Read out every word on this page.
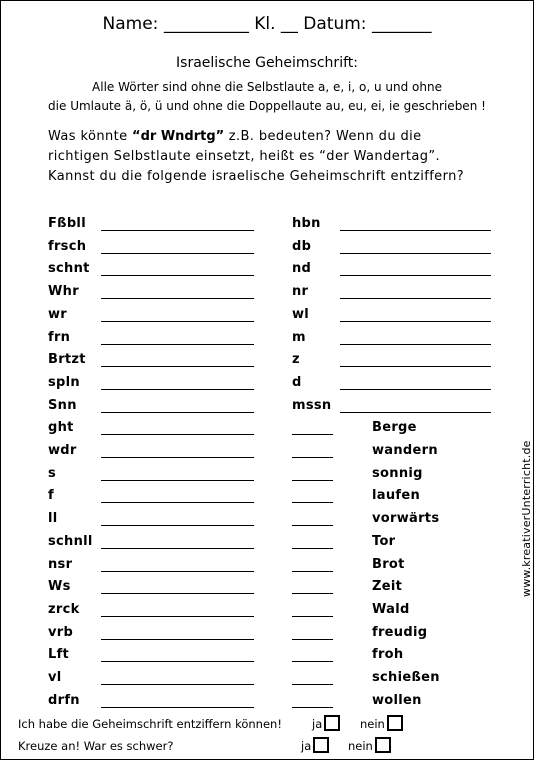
Name: __________ Kl. __ Datum: _______
Israelische Geheimschrift:
Alle Wörter sind ohne die Selbstlaute a, e, i, o, u und ohne
die Umlaute ä, ö, ü und ohne die Doppellaute au, eu, ei, ie geschrieben !
Was könnte “dr Wndrtg” z.B. bedeuten? Wenn du die
richtigen Selbstlaute einsetzt, heißt es “der Wandertag”.
Kannst du die folgende israelische Geheimschrift entziffern?
Fßbll	hbn
frsch	db
schnt	nd
Whr	nr
wr	wl
frn	m
Brtzt	z
spln	d
Snn	mssn
ght	Berge
wdr	wandern
s	sonnig
f	laufen
ll	vorwärts
schnll	Tor
nsr	Brot
Ws	Zeit
zrck	Wald
vrb	freudig
Lft	froh
vl	schießen
drfn	wollen
Ich habe die Geheimschrift entziffern können!	ja	nein
Kreuze an! War es schwer?	ja	nein
www.kreativerUnterricht.de
